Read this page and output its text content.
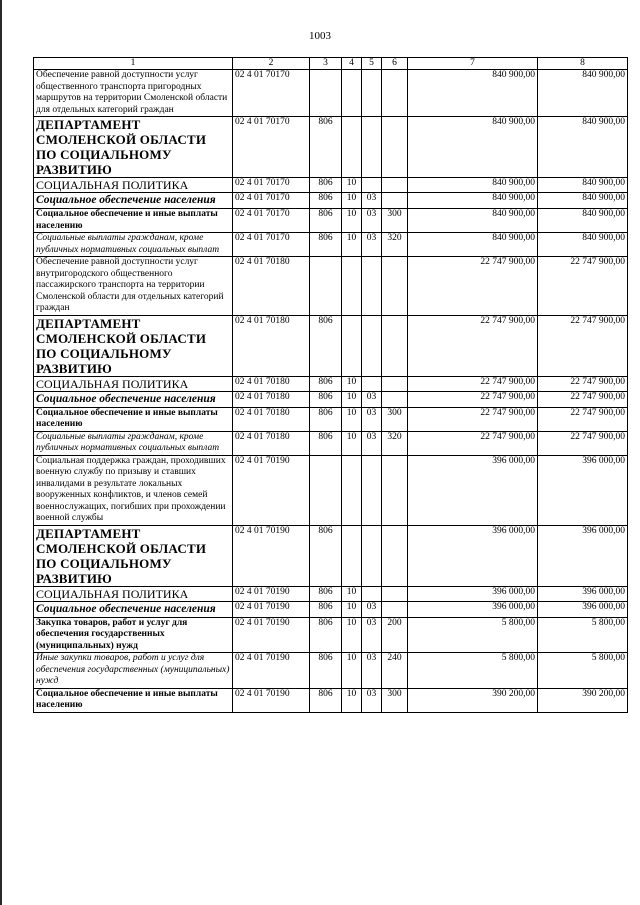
1003
1	2	3	4	5	6	7	8
Обеспечение равной доступности услуг общественного транспорта пригородных маршрутов на территории Смоленской области для отдельных категорий граждан	02 4 01 70170					840 900,00	840 900,00
ДЕПАРТАМЕНТ СМОЛЕНСКОЙ ОБЛАСТИ ПО СОЦИАЛЬНОМУ РАЗВИТИЮ	02 4 01 70170	806				840 900,00	840 900,00
СОЦИАЛЬНАЯ ПОЛИТИКА	02 4 01 70170	806	10			840 900,00	840 900,00
Социальное обеспечение населения	02 4 01 70170	806	10	03		840 900,00	840 900,00
Социальное обеспечение и иные выплаты населению	02 4 01 70170	806	10	03	300	840 900,00	840 900,00
Социальные выплаты гражданам, кроме публичных нормативных социальных выплат	02 4 01 70170	806	10	03	320	840 900,00	840 900,00
Обеспечение равной доступности услуг внутригородского общественного пассажирского транспорта на территории Смоленской области для отдельных категорий граждан	02 4 01 70180					22 747 900,00	22 747 900,00
ДЕПАРТАМЕНТ СМОЛЕНСКОЙ ОБЛАСТИ ПО СОЦИАЛЬНОМУ РАЗВИТИЮ	02 4 01 70180	806				22 747 900,00	22 747 900,00
СОЦИАЛЬНАЯ ПОЛИТИКА	02 4 01 70180	806	10			22 747 900,00	22 747 900,00
Социальное обеспечение населения	02 4 01 70180	806	10	03		22 747 900,00	22 747 900,00
Социальное обеспечение и иные выплаты населению	02 4 01 70180	806	10	03	300	22 747 900,00	22 747 900,00
Социальные выплаты гражданам, кроме публичных нормативных социальных выплат	02 4 01 70180	806	10	03	320	22 747 900,00	22 747 900,00
Социальная поддержка граждан, проходивших военную службу по призыву и ставших инвалидами в результате локальных вооруженных конфликтов, и членов семей военнослужащих, погибших при прохождении военной службы	02 4 01 70190					396 000,00	396 000,00
ДЕПАРТАМЕНТ СМОЛЕНСКОЙ ОБЛАСТИ ПО СОЦИАЛЬНОМУ РАЗВИТИЮ	02 4 01 70190	806				396 000,00	396 000,00
СОЦИАЛЬНАЯ ПОЛИТИКА	02 4 01 70190	806	10			396 000,00	396 000,00
Социальное обеспечение населения	02 4 01 70190	806	10	03		396 000,00	396 000,00
Закупка товаров, работ и услуг для обеспечения государственных (муниципальных) нужд	02 4 01 70190	806	10	03	200	5 800,00	5 800,00
Иные закупки товаров, работ и услуг для обеспечения государственных (муниципальных) нужд	02 4 01 70190	806	10	03	240	5 800,00	5 800,00
Социальное обеспечение и иные выплаты населению	02 4 01 70190	806	10	03	300	390 200,00	390 200,00
